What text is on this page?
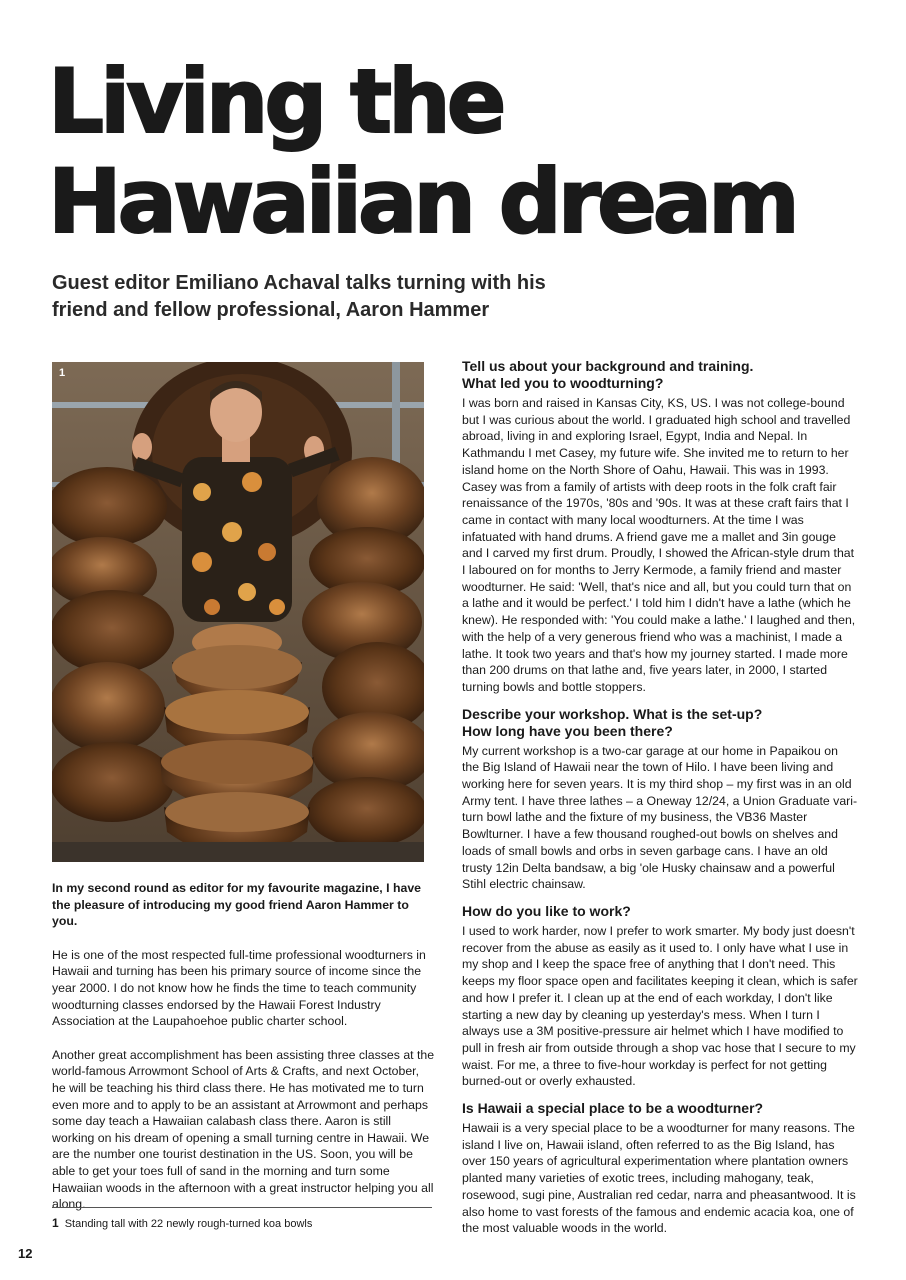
Living the
Hawaiian dream

Guest editor Emiliano Achaval talks turning with his friend and fellow professional, Aaron Hammer

1

In my second round as editor for my favourite magazine, I have the pleasure of introducing my good friend Aaron Hammer to you.

He is one of the most respected full-time professional woodturners in Hawaii and turning has been his primary source of income since the year 2000. I do not know how he finds the time to teach community woodturning classes endorsed by the Hawaii Forest Industry Association at the Laupahoehoe public charter school.

Another great accomplishment has been assisting three classes at the world-famous Arrowmont School of Arts & Crafts, and next October, he will be teaching his third class there. He has motivated me to turn even more and to apply to be an assistant at Arrowmont and perhaps some day teach a Hawaiian calabash class there. Aaron is still working on his dream of opening a small turning centre in Hawaii. We are the number one tourist destination in the US. Soon, you will be able to get your toes full of sand in the morning and turn some Hawaiian woods in the afternoon with a great instructor helping you all along.

1 Standing tall with 22 newly rough-turned koa bowls
12
Tell us about your background and training.
What led you to woodturning?

I was born and raised in Kansas City, KS, US. I was not college-bound but I was curious about the world. I graduated high school and travelled abroad, living in and exploring Israel, Egypt, India and Nepal. In Kathmandu I met Casey, my future wife. She invited me to return to her island home on the North Shore of Oahu, Hawaii. This was in 1993. Casey was from a family of artists with deep roots in the folk craft fair renaissance of the 1970s, '80s and '90s. It was at these craft fairs that I came in contact with many local woodturners. At the time I was infatuated with hand drums. A friend gave me a mallet and 3in gouge and I carved my first drum. Proudly, I showed the African-style drum that I laboured on for months to Jerry Kermode, a family friend and master woodturner. He said: 'Well, that's nice and all, but you could turn that on a lathe and it would be perfect.' I told him I didn't have a lathe (which he knew). He responded with: 'You could make a lathe.' I laughed and then, with the help of a very generous friend who was a machinist, I made a lathe. It took two years and that's how my journey started. I made more than 200 drums on that lathe and, five years later, in 2000, I started turning bowls and bottle stoppers.

Describe your workshop. What is the set-up?
How long have you been there?

My current workshop is a two-car garage at our home in Papaikou on the Big Island of Hawaii near the town of Hilo. I have been living and working here for seven years. It is my third shop – my first was in an old Army tent. I have three lathes – a Oneway 12/24, a Union Graduate vari-turn bowl lathe and the fixture of my business, the VB36 Master Bowlturner. I have a few thousand roughed-out bowls on shelves and loads of small bowls and orbs in seven garbage cans. I have an old trusty 12in Delta bandsaw, a big 'ole Husky chainsaw and a powerful Stihl electric chainsaw.

How do you like to work?

I used to work harder, now I prefer to work smarter. My body just doesn't recover from the abuse as easily as it used to. I only have what I use in my shop and I keep the space free of anything that I don't need. This keeps my floor space open and facilitates keeping it clean, which is safer and how I prefer it. I clean up at the end of each workday, I don't like starting a new day by cleaning up yesterday's mess. When I turn I always use a 3M positive-pressure air helmet which I have modified to pull in fresh air from outside through a shop vac hose that I secure to my waist. For me, a three to five-hour workday is perfect for not getting burned-out or overly exhausted.

Is Hawaii a special place to be a woodturner?

Hawaii is a very special place to be a woodturner for many reasons. The island I live on, Hawaii island, often referred to as the Big Island, has over 150 years of agricultural experimentation where plantation owners planted many varieties of exotic trees, including mahogany, teak, rosewood, sugi pine, Australian red cedar, narra and pheasantwood. It is also home to vast forests of the famous and endemic acacia koa, one of the most valuable woods in the world.
